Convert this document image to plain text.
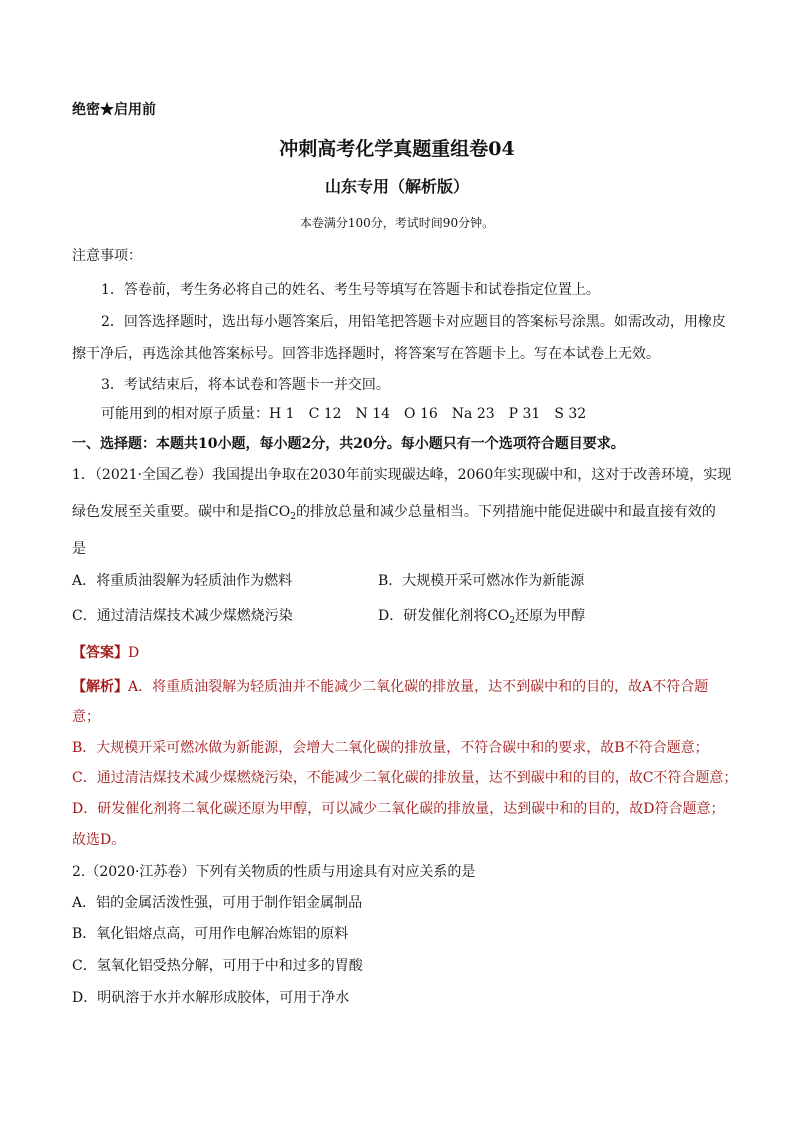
绝密★启用前
冲刺高考化学真题重组卷04
山东专用（解析版）
本卷满分100分，考试时间90分钟。
注意事项：
1．答卷前，考生务必将自己的姓名、考生号等填写在答题卡和试卷指定位置上。
2．回答选择题时，选出每小题答案后，用铅笔把答题卡对应题目的答案标号涂黑。如需改动，用橡皮
擦干净后，再选涂其他答案标号。回答非选择题时，将答案写在答题卡上。写在本试卷上无效。
3．考试结束后，将本试卷和答题卡一并交回。
可能用到的相对原子质量：H 1　C 12　N 14　O 16　Na 23　P 31　S 32
一、选择题：本题共10小题，每小题2分，共20分。每小题只有一个选项符合题目要求。
1．（2021·全国乙卷）我国提出争取在2030年前实现碳达峰，2060年实现碳中和，这对于改善环境，实现
绿色发展至关重要。碳中和是指$CO_2$的排放总量和减少总量相当。下列措施中能促进碳中和最直接有效的
是
A．将重质油裂解为轻质油作为燃料	B．大规模开采可燃冰作为新能源
C．通过清洁煤技术减少煤燃烧污染	D．研发催化剂将$CO_2$还原为甲醇
【答案】D
【解析】A．将重质油裂解为轻质油并不能减少二氧化碳的排放量，达不到碳中和的目的，故A不符合题
意；
B．大规模开采可燃冰做为新能源，会增大二氧化碳的排放量，不符合碳中和的要求，故B不符合题意；
C．通过清洁煤技术减少煤燃烧污染，不能减少二氧化碳的排放量，达不到碳中和的目的，故C不符合题意；
D．研发催化剂将二氧化碳还原为甲醇，可以减少二氧化碳的排放量，达到碳中和的目的，故D符合题意；
故选D。
2.（2020·江苏卷）下列有关物质的性质与用途具有对应关系的是
A．铝的金属活泼性强，可用于制作铝金属制品
B．氧化铝熔点高，可用作电解冶炼铝的原料
C．氢氧化铝受热分解，可用于中和过多的胃酸
D．明矾溶于水并水解形成胶体，可用于净水
